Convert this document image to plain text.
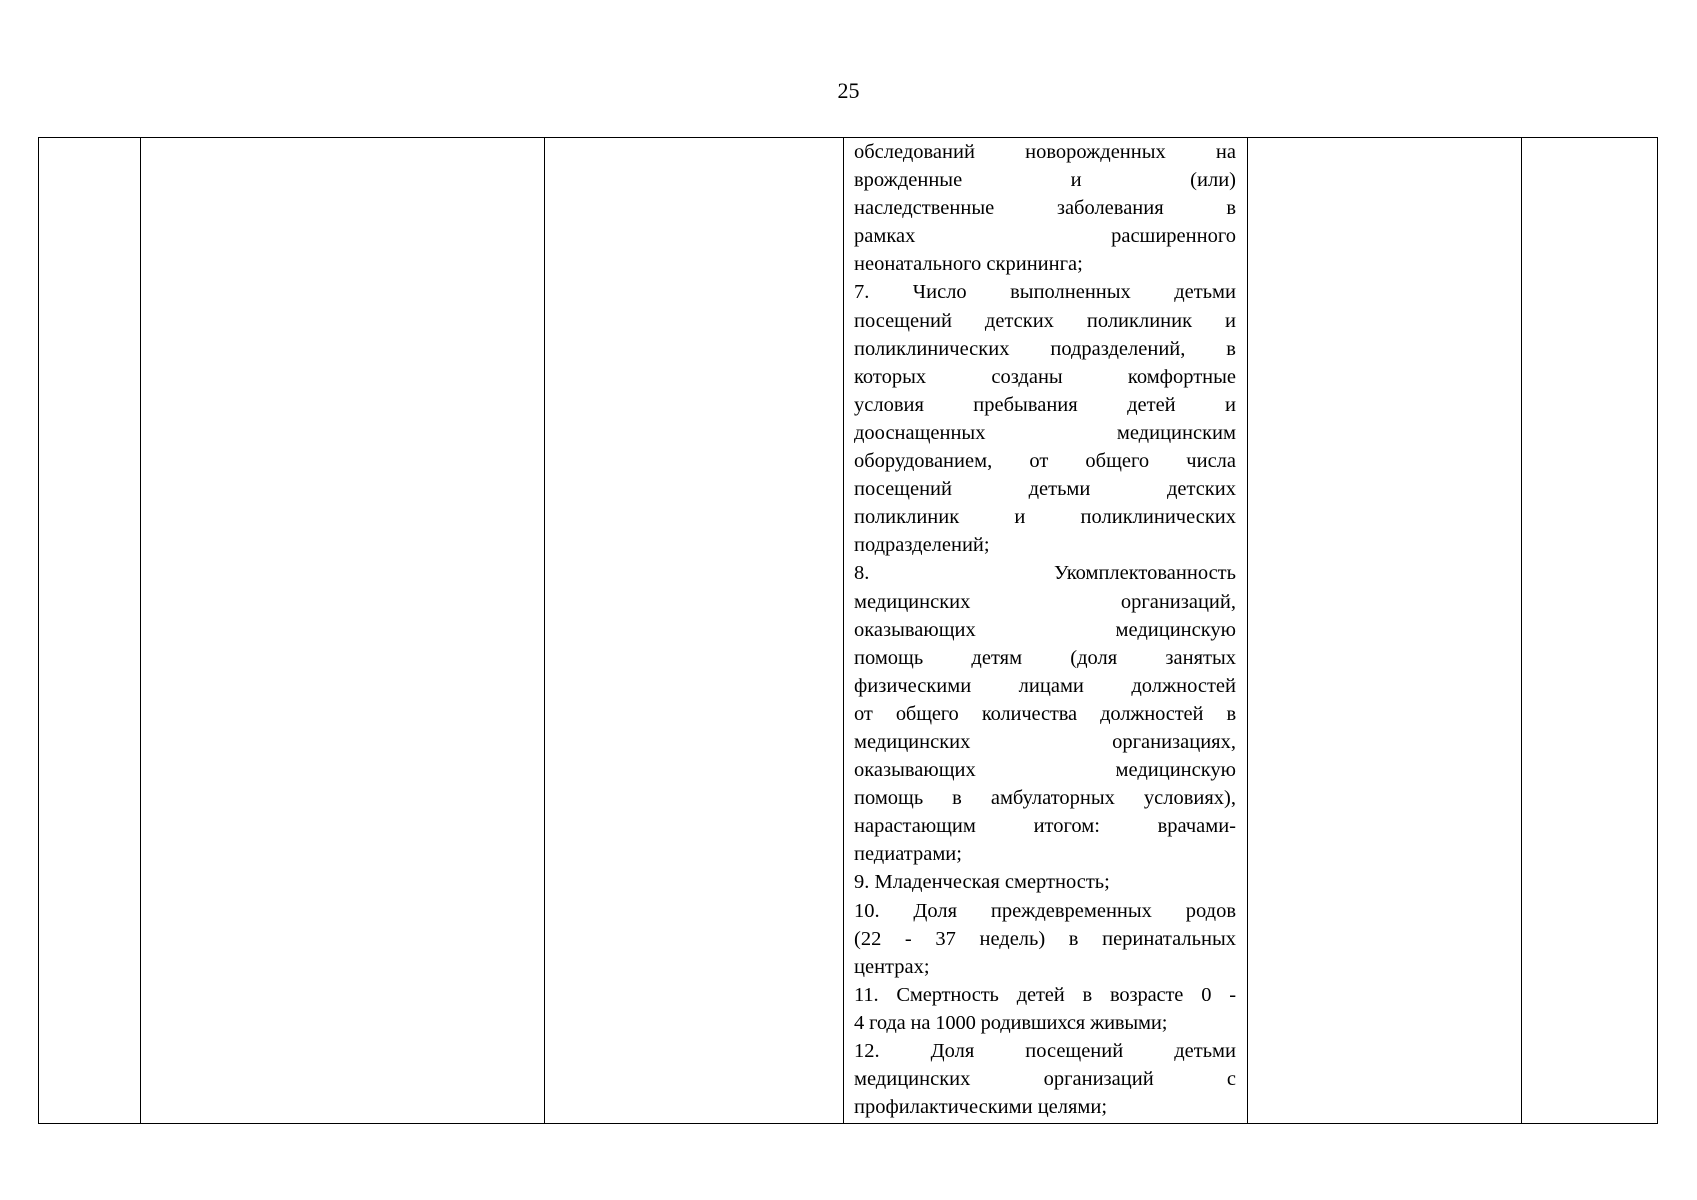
25

обследований новорожденных на
врожденные и (или)
наследственные заболевания в
рамках расширенного
неонатального скрининга;
7. Число выполненных детьми
посещений детских поликлиник и
поликлинических подразделений, в
которых созданы комфортные
условия пребывания детей и
дооснащенных медицинским
оборудованием, от общего числа
посещений детьми детских
поликлиник и поликлинических
подразделений;
8. Укомплектованность
медицинских организаций,
оказывающих медицинскую
помощь детям (доля занятых
физическими лицами должностей
от общего количества должностей в
медицинских организациях,
оказывающих медицинскую
помощь в амбулаторных условиях),
нарастающим итогом: врачами-
педиатрами;
9. Младенческая смертность;
10. Доля преждевременных родов
(22 - 37 недель) в перинатальных
центрах;
11. Смертность детей в возрасте 0 -
4 года на 1000 родившихся живыми;
12. Доля посещений детьми
медицинских организаций с
профилактическими целями;
